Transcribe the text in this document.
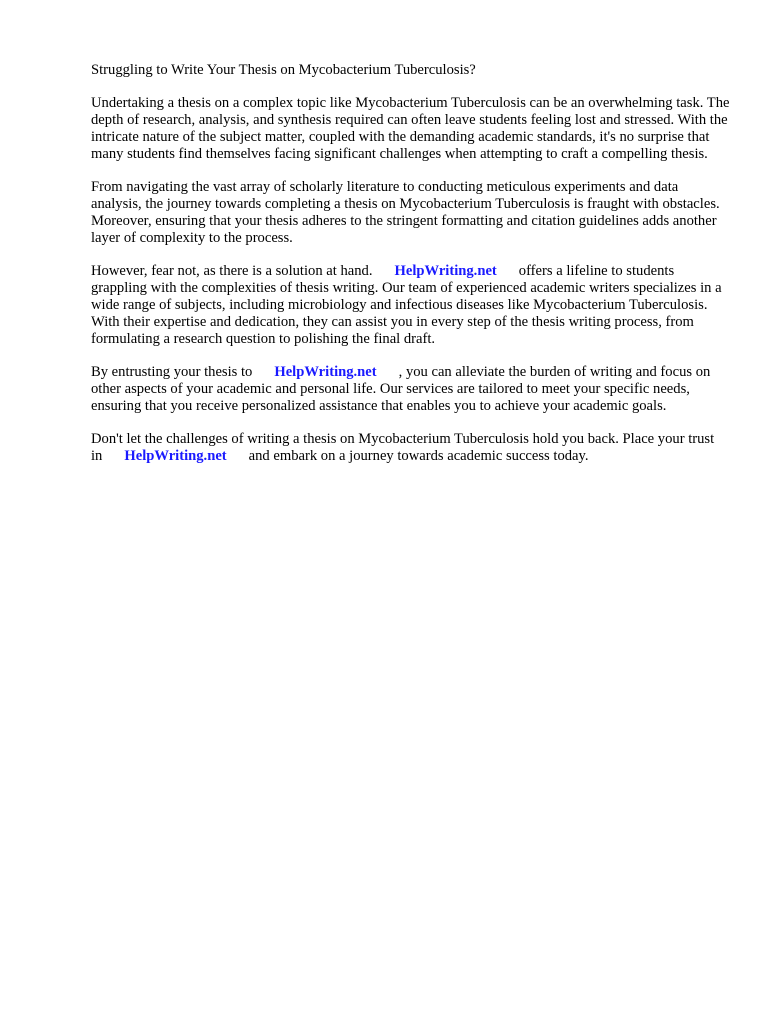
Struggling to Write Your Thesis on Mycobacterium Tuberculosis?

Undertaking a thesis on a complex topic like Mycobacterium Tuberculosis can be an overwhelming task. The depth of research, analysis, and synthesis required can often leave students feeling lost and stressed. With the intricate nature of the subject matter, coupled with the demanding academic standards, it's no surprise that many students find themselves facing significant challenges when attempting to craft a compelling thesis.

From navigating the vast array of scholarly literature to conducting meticulous experiments and data analysis, the journey towards completing a thesis on Mycobacterium Tuberculosis is fraught with obstacles. Moreover, ensuring that your thesis adheres to the stringent formatting and citation guidelines adds another layer of complexity to the process.

However, fear not, as there is a solution at hand. HelpWriting.net offers a lifeline to students grappling with the complexities of thesis writing. Our team of experienced academic writers specializes in a wide range of subjects, including microbiology and infectious diseases like Mycobacterium Tuberculosis. With their expertise and dedication, they can assist you in every step of the thesis writing process, from formulating a research question to polishing the final draft.

By entrusting your thesis to HelpWriting.net , you can alleviate the burden of writing and focus on other aspects of your academic and personal life. Our services are tailored to meet your specific needs, ensuring that you receive personalized assistance that enables you to achieve your academic goals.

Don't let the challenges of writing a thesis on Mycobacterium Tuberculosis hold you back. Place your trust in HelpWriting.net and embark on a journey towards academic success today.
